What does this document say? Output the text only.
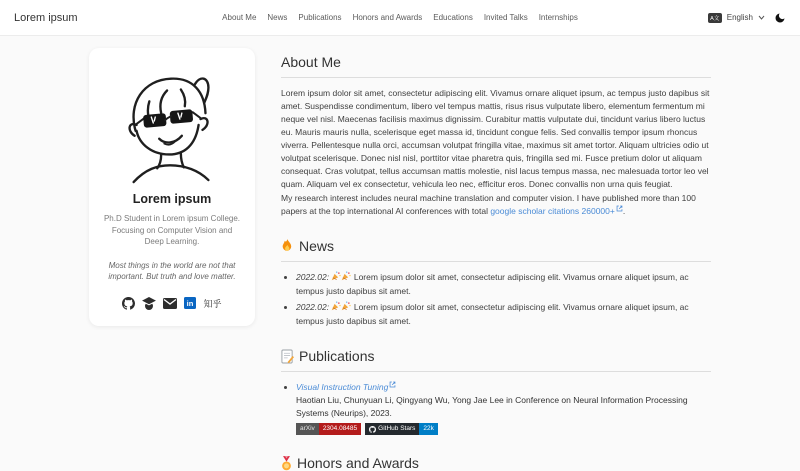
Lorem ipsum	About Me News Publications Honors and Awards Educations Invited Talks Internships	A文 English
Lorem ipsum
Ph.D Student in Lorem ipsum College. Focusing on Computer Vision and Deep Learning.
Most things in the world are not that important. But truth and love matter.
in 知乎
About Me

Lorem ipsum dolor sit amet, consectetur adipiscing elit. Vivamus ornare aliquet ipsum, ac tempus justo dapibus sit amet. Suspendisse condimentum, libero vel tempus mattis, risus risus vulputate libero, elementum fermentum mi neque vel nisl. Maecenas facilisis maximus dignissim. Curabitur mattis vulputate dui, tincidunt varius libero luctus eu. Mauris mauris nulla, scelerisque eget massa id, tincidunt congue felis. Sed convallis tempor ipsum rhoncus viverra. Pellentesque nulla orci, accumsan volutpat fringilla vitae, maximus sit amet tortor. Aliquam ultricies odio ut volutpat scelerisque. Donec nisl nisl, porttitor vitae pharetra quis, fringilla sed mi. Fusce pretium dolor ut aliquam consequat. Cras volutpat, tellus accumsan mattis molestie, nisl lacus tempus massa, nec malesuada tortor leo vel quam. Aliquam vel ex consectetur, vehicula leo nec, efficitur eros. Donec convallis non urna quis feugiat.

My research interest includes neural machine translation and computer vision. I have published more than 100 papers at the top international AI conferences with total google scholar citations 260000+ .

News
• 2022.02:	Lorem ipsum dolor sit amet, consectetur adipiscing elit. Vivamus ornare aliquet ipsum, ac tempus justo dapibus sit amet.
• 2022.02:	Lorem ipsum dolor sit amet, consectetur adipiscing elit. Vivamus ornare aliquet ipsum, ac tempus justo dapibus sit amet.
Publications
• Visual Instruction Tuning
Haotian Liu, Chunyuan Li, Qingyang Wu, Yong Jae Lee in Conference on Neural Information Processing Systems (Neurips), 2023.
arXiv	2304.08485	GitHub Stars	22k
Honors and Awards
